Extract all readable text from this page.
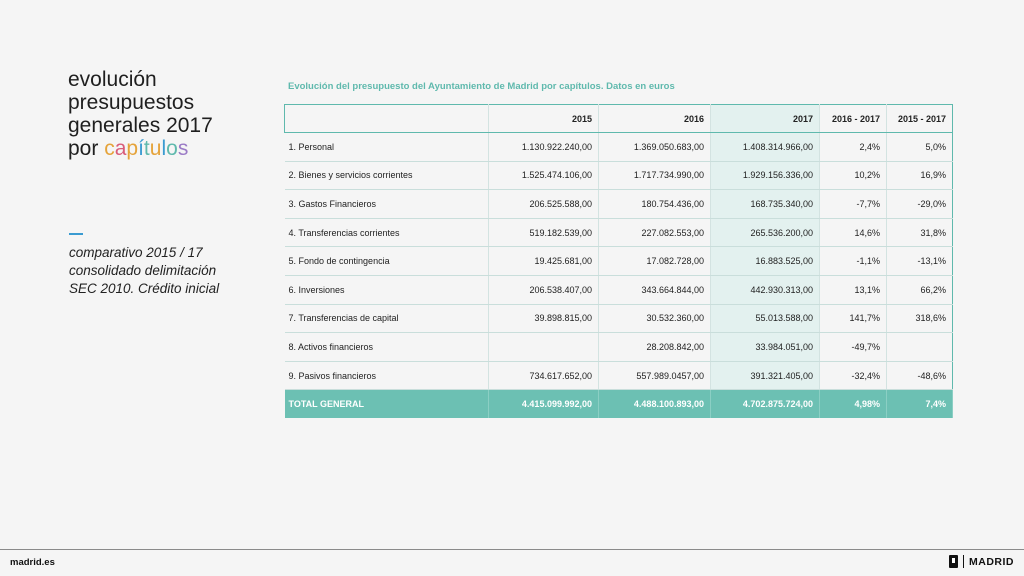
evolución
presupuestos
generales 2017
por capítulos
comparativo 2015 / 17
consolidado delimitación
SEC 2010. Crédito inicial
Evolución del presupuesto del Ayuntamiento de Madrid por capítulos. Datos en euros
	2015	2016	2017	2016 - 2017	2015 - 2017
1. Personal	1.130.922.240,00	1.369.050.683,00	1.408.314.966,00	2,4%	5,0%
2. Bienes y servicios corrientes	1.525.474.106,00	1.717.734.990,00	1.929.156.336,00	10,2%	16,9%
3. Gastos Financieros	206.525.588,00	180.754.436,00	168.735.340,00	-7,7%	-29,0%
4. Transferencias corrientes	519.182.539,00	227.082.553,00	265.536.200,00	14,6%	31,8%
5. Fondo de contingencia	19.425.681,00	17.082.728,00	16.883.525,00	-1,1%	-13,1%
6. Inversiones	206.538.407,00	343.664.844,00	442.930.313,00	13,1%	66,2%
7. Transferencias de capital	39.898.815,00	30.532.360,00	55.013.588,00	141,7%	318,6%
8. Activos financieros		28.208.842,00	33.984.051,00	-49,7%	
9. Pasivos financieros	734.617.652,00	557.989.0457,00	391.321.405,00	-32,4%	-48,6%
TOTAL GENERAL	4.415.099.992,00	4.488.100.893,00	4.702.875.724,00	4,98%	7,4%
madrid.es	MADRID
